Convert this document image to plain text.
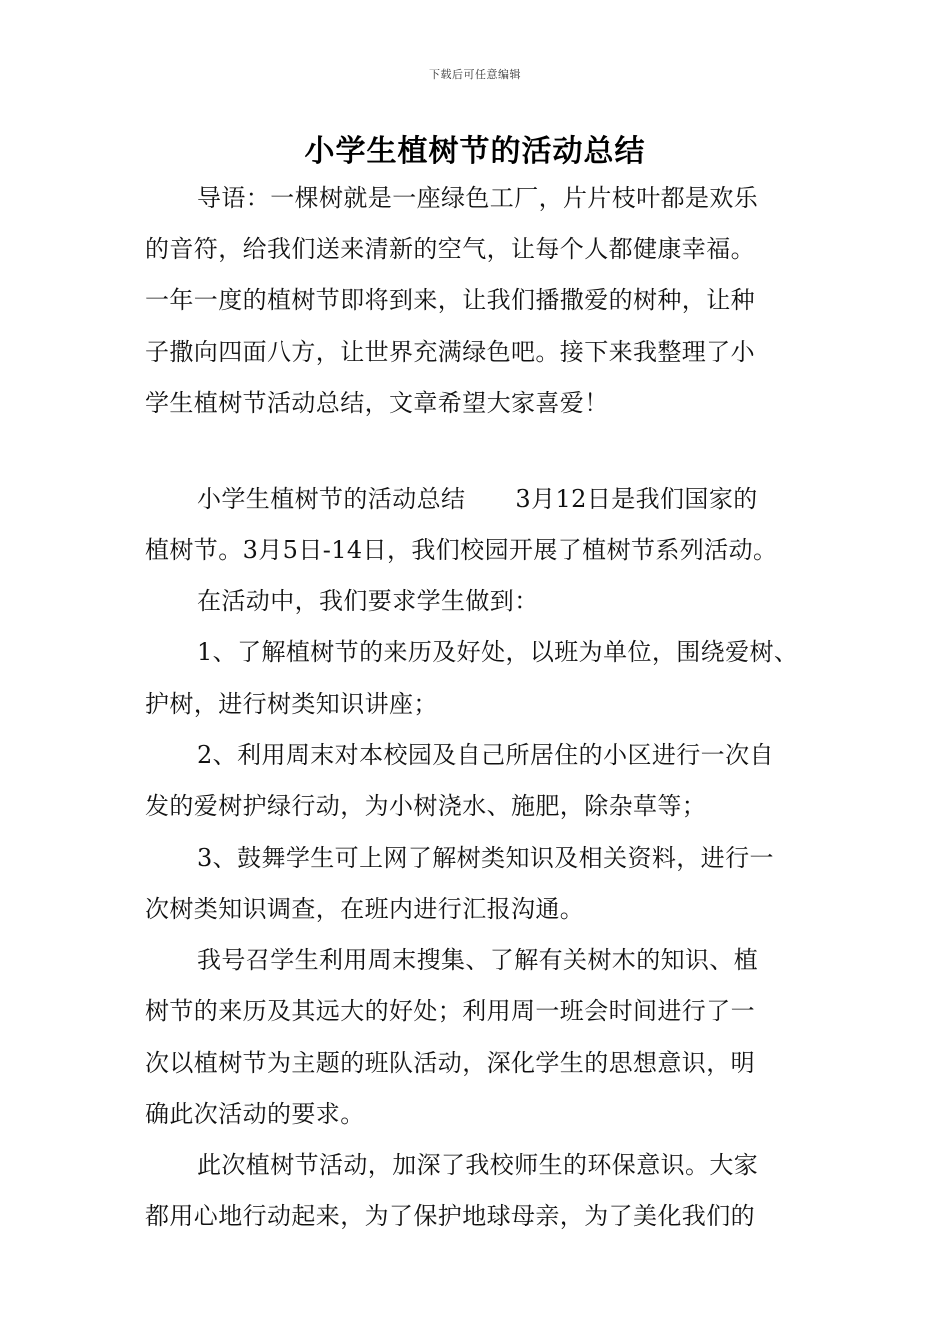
下载后可任意编辑
小学生植树节的活动总结
导语：一棵树就是一座绿色工厂，片片枝叶都是欢乐
的音符，给我们送来清新的空气，让每个人都健康幸福。
一年一度的植树节即将到来，让我们播撒爱的树种，让种
子撒向四面八方，让世界充满绿色吧。接下来我整理了小
学生植树节活动总结，文章希望大家喜爱！
小学生植树节的活动总结 3月12日是我们国家的
植树节。3月5日-14日，我们校园开展了植树节系列活动。
在活动中，我们要求学生做到：
1、了解植树节的来历及好处，以班为单位，围绕爱树、
护树，进行树类知识讲座；
2、利用周末对本校园及自己所居住的小区进行一次自
发的爱树护绿行动，为小树浇水、施肥，除杂草等；
3、鼓舞学生可上网了解树类知识及相关资料，进行一
次树类知识调查，在班内进行汇报沟通。
我号召学生利用周末搜集、了解有关树木的知识、植
树节的来历及其远大的好处；利用周一班会时间进行了一
次以植树节为主题的班队活动，深化学生的思想意识，明
确此次活动的要求。
此次植树节活动，加深了我校师生的环保意识。大家
都用心地行动起来，为了保护地球母亲，为了美化我们的
